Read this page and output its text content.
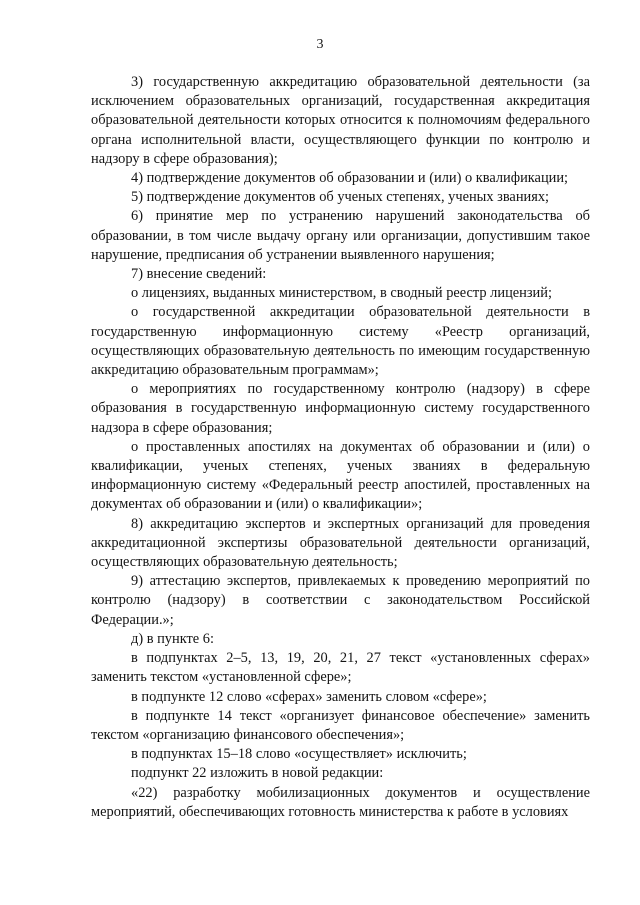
3

3) государственную аккредитацию образовательной деятельности (за исключением образовательных организаций, государственная аккредитация образовательной деятельности которых относится к полномочиям федерального органа исполнительной власти, осуществляющего функции по контролю и надзору в сфере образования);

4) подтверждение документов об образовании и (или) о квалификации;

5) подтверждение документов об ученых степенях, ученых званиях;

6) принятие мер по устранению нарушений законодательства об образовании, в том числе выдачу органу или организации, допустившим такое нарушение, предписания об устранении выявленного нарушения;

7) внесение сведений:

о лицензиях, выданных министерством, в сводный реестр лицензий;

о государственной аккредитации образовательной деятельности в государственную информационную систему «Реестр организаций, осуществляющих образовательную деятельность по имеющим государственную аккредитацию образовательным программам»;

о мероприятиях по государственному контролю (надзору) в сфере образования в государственную информационную систему государственного надзора в сфере образования;

о проставленных апостилях на документах об образовании и (или) о квалификации, ученых степенях, ученых званиях в федеральную информационную систему «Федеральный реестр апостилей, проставленных на документах об образовании и (или) о квалификации»;

8) аккредитацию экспертов и экспертных организаций для проведения аккредитационной экспертизы образовательной деятельности организаций, осуществляющих образовательную деятельность;

9) аттестацию экспертов, привлекаемых к проведению мероприятий по контролю (надзору) в соответствии с законодательством Российской Федерации.»;

д) в пункте 6:

в подпунктах 2–5, 13, 19, 20, 21, 27 текст «установленных сферах» заменить текстом «установленной сфере»;

в подпункте 12 слово «сферах» заменить словом «сфере»;

в подпункте 14 текст «организует финансовое обеспечение» заменить текстом «организацию финансового обеспечения»;

в подпунктах 15–18 слово «осуществляет» исключить;

подпункт 22 изложить в новой редакции:

«22) разработку мобилизационных документов и осуществление мероприятий, обеспечивающих готовность министерства к работе в условиях
